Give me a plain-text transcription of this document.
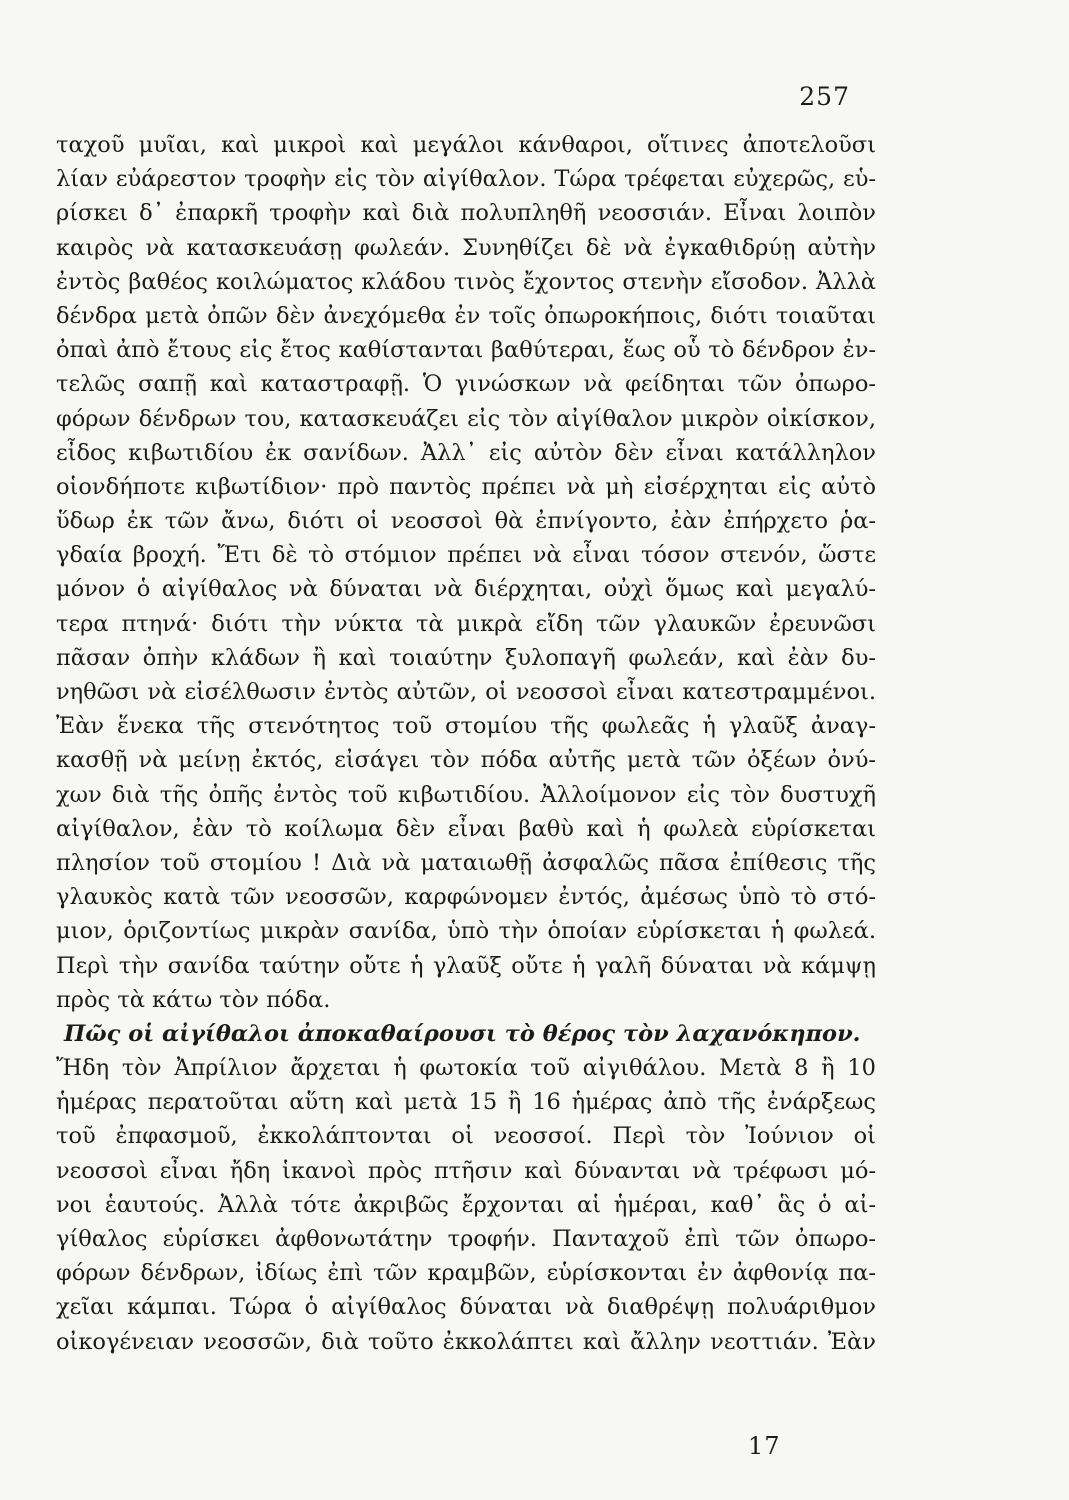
257
ταχοῦ μυῖαι, καὶ μικροὶ καὶ μεγάλοι κάνθαροι, οἵτινες ἀποτελοῦσι
λίαν εὐάρεστον τροφὴν εἰς τὸν αἰγίθαλον. Τώρα τρέφεται εὐχερῶς, εὑ-
ρίσκει δ᾿ ἐπαρκῆ τροφὴν καὶ διὰ πολυπληθῆ νεοσσιάν. Εἶναι λοιπὸν
καιρὸς νὰ κατασκευάσῃ φωλεάν. Συνηθίζει δὲ νὰ ἐγκαθιδρύῃ αὐτὴν
ἐντὸς βαθέος κοιλώματος κλάδου τινὸς ἔχοντος στενὴν εἴσοδον. Ἀλλὰ
δένδρα μετὰ ὀπῶν δὲν ἀνεχόμεθα ἐν τοῖς ὀπωροκήποις, διότι τοιαῦται
ὀπαὶ ἀπὸ ἔτους εἰς ἔτος καθίστανται βαθύτεραι, ἕως οὗ τὸ δένδρον ἐν-
τελῶς σαπῇ καὶ καταστραφῇ. Ὁ γινώσκων νὰ φείδηται τῶν ὀπωρο-
φόρων δένδρων του, κατασκευάζει εἰς τὸν αἰγίθαλον μικρὸν οἰκίσκον,
εἶδος κιβωτιδίου ἐκ σανίδων. Ἀλλ᾿ εἰς αὐτὸν δὲν εἶναι κατάλληλον
οἱονδήποτε κιβωτίδιον· πρὸ παντὸς πρέπει νὰ μὴ εἰσέρχηται εἰς αὐτὸ
ὕδωρ ἐκ τῶν ἄνω, διότι οἱ νεοσσοὶ θὰ ἐπνίγοντο, ἐὰν ἐπήρχετο ῥα-
γδαία βροχή. Ἔτι δὲ τὸ στόμιον πρέπει νὰ εἶναι τόσον στενόν, ὥστε
μόνον ὁ αἰγίθαλος νὰ δύναται νὰ διέρχηται, οὐχὶ ὅμως καὶ μεγαλύ-
τερα πτηνά· διότι τὴν νύκτα τὰ μικρὰ εἴδη τῶν γλαυκῶν ἐρευνῶσι
πᾶσαν ὀπὴν κλάδων ἢ καὶ τοιαύτην ξυλοπαγῆ φωλεάν, καὶ ἐὰν δυ-
νηθῶσι νὰ εἰσέλθωσιν ἐντὸς αὐτῶν, οἱ νεοσσοὶ εἶναι κατεστραμμένοι.
Ἐὰν ἕνεκα τῆς στενότητος τοῦ στομίου τῆς φωλεᾶς ἡ γλαῦξ ἀναγ-
κασθῇ νὰ μείνῃ ἐκτός, εἰσάγει τὸν πόδα αὐτῆς μετὰ τῶν ὀξέων ὀνύ-
χων διὰ τῆς ὀπῆς ἐντὸς τοῦ κιβωτιδίου. Ἀλλοίμονον εἰς τὸν δυστυχῆ
αἰγίθαλον, ἐὰν τὸ κοίλωμα δὲν εἶναι βαθὺ καὶ ἡ φωλεὰ εὑρίσκεται
πλησίον τοῦ στομίου ! Διὰ νὰ ματαιωθῇ ἀσφαλῶς πᾶσα ἐπίθεσις τῆς
γλαυκὸς κατὰ τῶν νεοσσῶν, καρφώνομεν ἐντός, ἀμέσως ὑπὸ τὸ στό-
μιον, ὁριζοντίως μικρὰν σανίδα, ὑπὸ τὴν ὁποίαν εὑρίσκεται ἡ φωλεά.
Περὶ τὴν σανίδα ταύτην οὔτε ἡ γλαῦξ οὔτε ἡ γαλῆ δύναται νὰ κάμψῃ
πρὸς τὰ κάτω τὸν πόδα.
Πῶς οἱ αἰγίθαλοι ἀποκαθαίρουσι τὸ θέρος τὸν λαχανόκηπον.
Ἤδη τὸν Ἀπρίλιον ἄρχεται ἡ φωτοκία τοῦ αἰγιθάλου. Μετὰ 8 ἢ 10
ἡμέρας περατοῦται αὕτη καὶ μετὰ 15 ἢ 16 ἡμέρας ἀπὸ τῆς ἐνάρξεως
τοῦ ἐπφασμοῦ, ἐκκολάπτονται οἱ νεοσσοί. Περὶ τὸν Ἰούνιον οἱ
νεοσσοὶ εἶναι ἤδη ἱκανοὶ πρὸς πτῆσιν καὶ δύνανται νὰ τρέφωσι μό-
νοι ἑαυτούς. Ἀλλὰ τότε ἀκριβῶς ἔρχονται αἱ ἡμέραι, καθ᾿ ἃς ὁ αἰ-
γίθαλος εὑρίσκει ἀφθονωτάτην τροφήν. Πανταχοῦ ἐπὶ τῶν ὀπωρο-
φόρων δένδρων, ἰδίως ἐπὶ τῶν κραμβῶν, εὑρίσκονται ἐν ἀφθονίᾳ πα-
χεῖαι κάμπαι. Τώρα ὁ αἰγίθαλος δύναται νὰ διαθρέψῃ πολυάριθμον
οἰκογένειαν νεοσσῶν, διὰ τοῦτο ἐκκολάπτει καὶ ἄλλην νεοττιάν. Ἐὰν
17
